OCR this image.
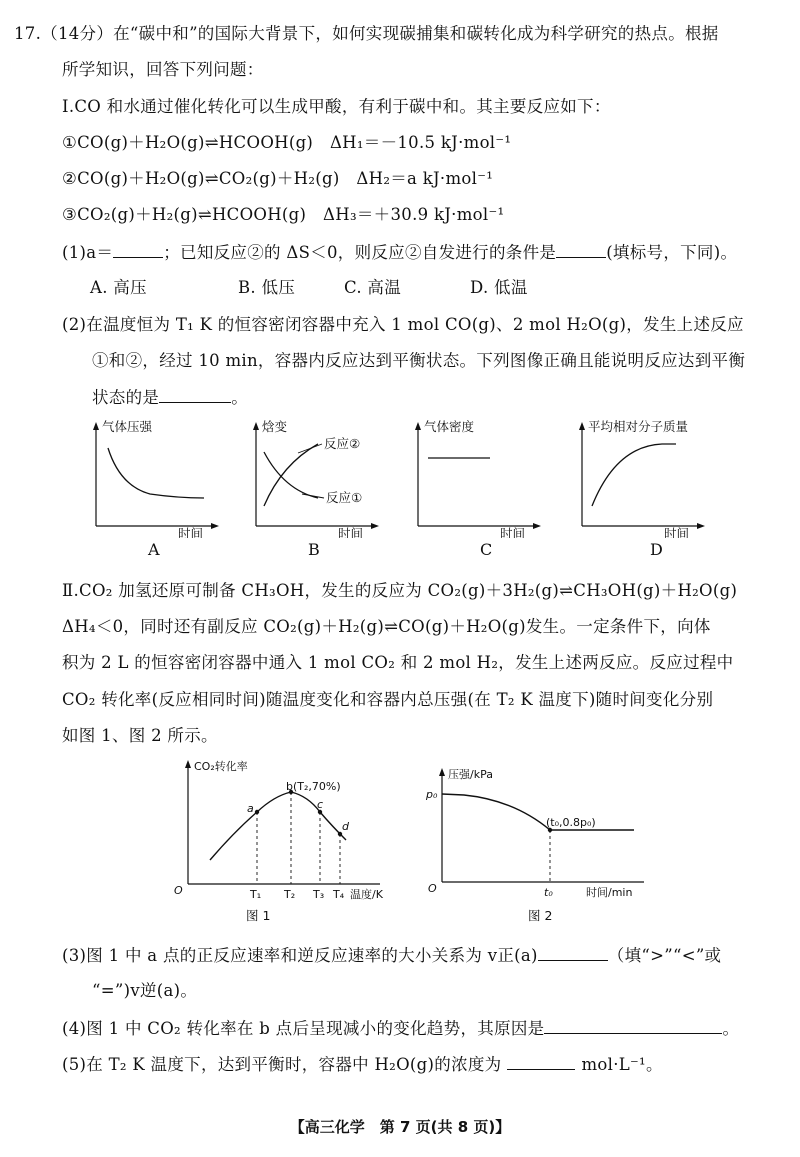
17.（14分）在“碳中和”的国际大背景下，如何实现碳捕集和碳转化成为科学研究的热点。根据
所学知识，回答下列问题：
Ⅰ.CO 和水通过催化转化可以生成甲酸，有利于碳中和。其主要反应如下：
①CO(g)＋H₂O(g)⇌HCOOH(g)　ΔH₁＝－10.5 kJ·mol⁻¹
②CO(g)＋H₂O(g)⇌CO₂(g)＋H₂(g)　ΔH₂＝a kJ·mol⁻¹
③CO₂(g)＋H₂(g)⇌HCOOH(g)　ΔH₃＝＋30.9 kJ·mol⁻¹
(1)a＝	；已知反应②的 ΔS＜0，则反应②自发进行的条件是	(填标号，下同)。
A. 高压	B. 低压	C. 高温	D. 低温
(2)在温度恒为 T₁ K 的恒容密闭容器中充入 1 mol CO(g)、2 mol H₂O(g)，发生上述反应
①和②，经过 10 min，容器内反应达到平衡状态。下列图像正确且能说明反应达到平衡
状态的是	。
气体压强
时间
焓变
反应②
反应①
时间
气体密度
时间
平均相对分子质量
时间
A	B	C	D
Ⅱ.CO₂ 加氢还原可制备 CH₃OH，发生的反应为 CO₂(g)＋3H₂(g)⇌CH₃OH(g)＋H₂O(g)
ΔH₄＜0，同时还有副反应 CO₂(g)＋H₂(g)⇌CO(g)＋H₂O(g)发生。一定条件下，向体
积为 2 L 的恒容密闭容器中通入 1 mol CO₂ 和 2 mol H₂，发生上述两反应。反应过程中
CO₂ 转化率(反应相同时间)随温度变化和容器内总压强(在 T₂ K 温度下)随时间变化分别
如图 1、图 2 所示。
CO₂转化率
b(T₂,70%)
a	c
d
O	T₁ T₂ T₃ T₄ 温度/K
图 1
压强/kPa
p₀
(t₀,0.8p₀)
O	t₀	时间/min
图 2
(3)图 1 中 a 点的正反应速率和逆反应速率的大小关系为 v正(a)	（填“>”“<”或
“=”)v逆(a)。
(4)图 1 中 CO₂ 转化率在 b 点后呈现减小的变化趋势，其原因是	。
(5)在 T₂ K 温度下，达到平衡时，容器中 H₂O(g)的浓度为	mol·L⁻¹。
【高三化学　第 7 页(共 8 页)】
